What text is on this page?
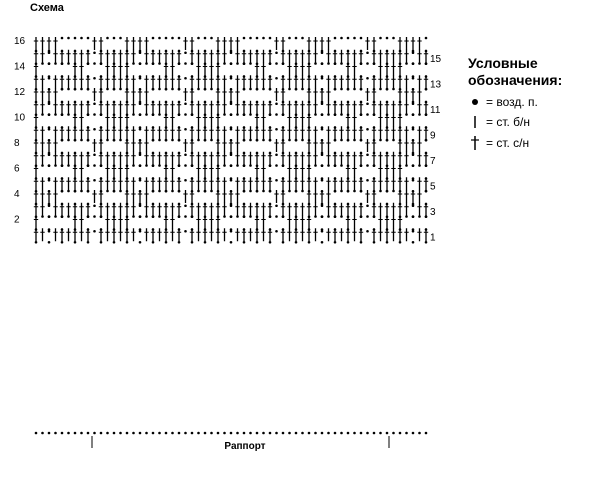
Схема
16
14
12
10
8
6
4
2
15
13
11
9
7
5
3
1
Раппорт
Условные
обозначения:
= возд. п.
= ст. б/н
= ст. с/н
